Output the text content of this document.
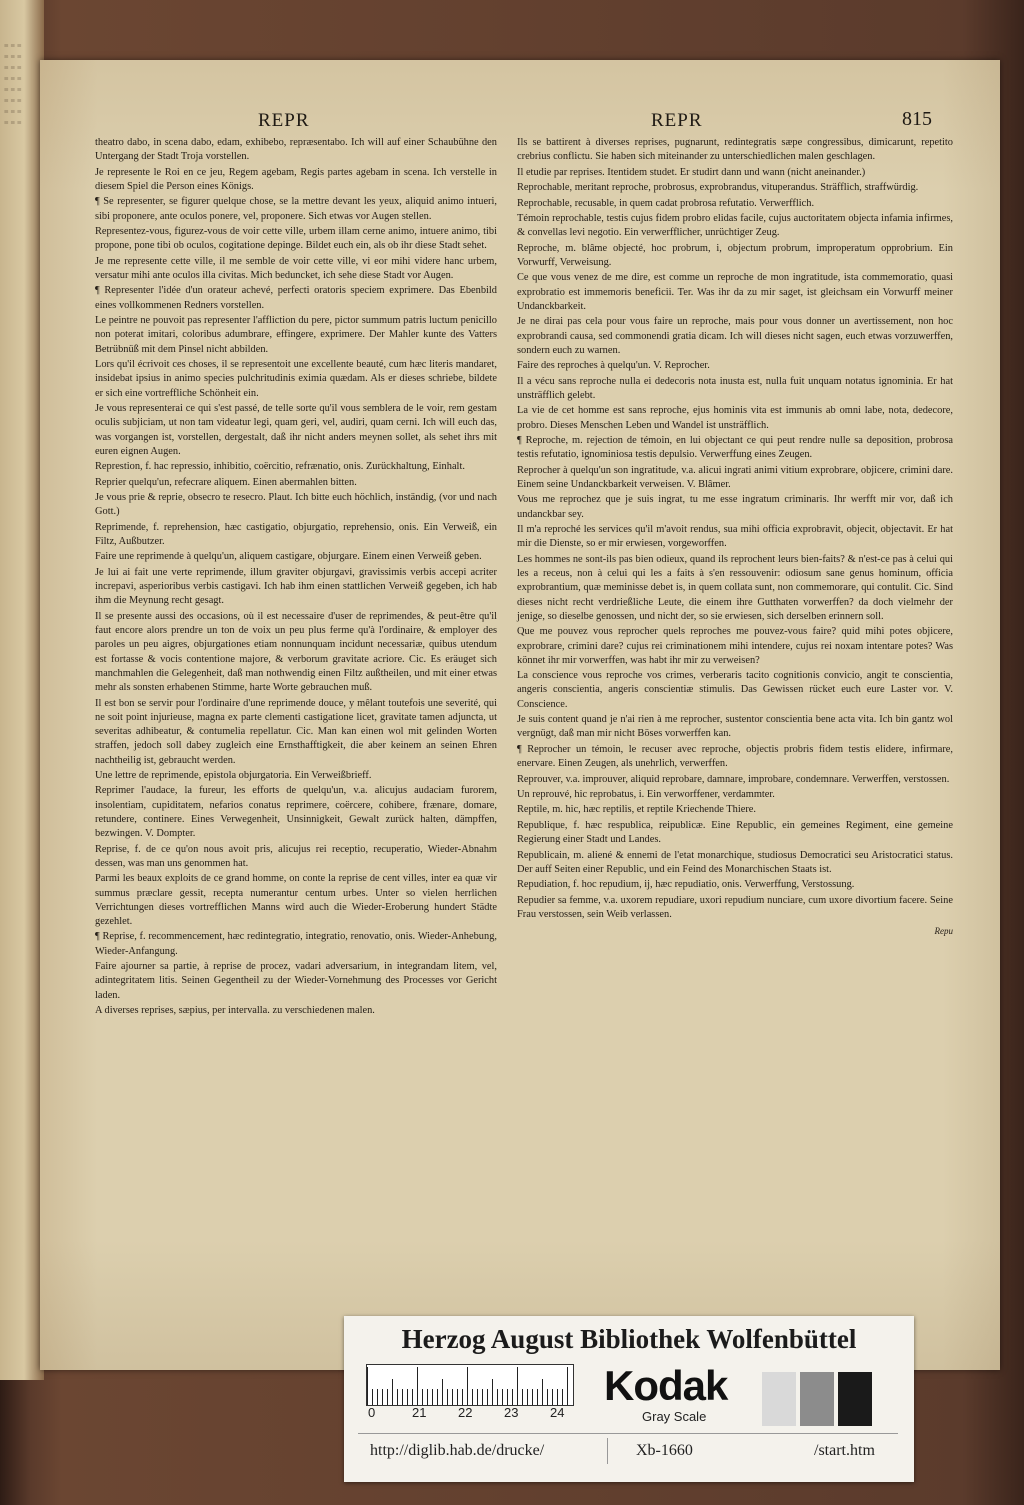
≡ ≡ ≡
≡ ≡ ≡
≡ ≡ ≡
≡ ≡ ≡
≡ ≡ ≡
≡ ≡ ≡
≡ ≡ ≡
≡ ≡ ≡	REPR	REPR	815

theatro dabo, in scena dabo, edam, exhibebo, repræsentabo. Ich will auf einer Schaubühne den Untergang der Stadt Troja vorstellen.

Je represente le Roi en ce jeu, Regem agebam, Regis partes agebam in scena. Ich verstelle in diesem Spiel die Person eines Königs.

¶ Se representer, se figurer quelque chose, se la mettre devant les yeux, aliquid animo intueri, sibi proponere, ante oculos ponere, vel, proponere. Sich etwas vor Augen stellen.

Representez-vous, figurez-vous de voir cette ville, urbem illam cerne animo, intuere animo, tibi propone, pone tibi ob oculos, cogitatione depinge. Bildet euch ein, als ob ihr diese Stadt sehet.

Je me represente cette ville, il me semble de voir cette ville, vi eor mihi videre hanc urbem, versatur mihi ante oculos illa civitas. Mich beduncket, ich sehe diese Stadt vor Augen.

¶ Representer l'idée d'un orateur achevé, perfecti oratoris speciem exprimere. Das Ebenbild eines vollkommenen Redners vorstellen.

Le peintre ne pouvoit pas representer l'affliction du pere, pictor summum patris luctum penicillo non poterat imitari, coloribus adumbrare, effingere, exprimere. Der Mahler kunte des Vatters Betrübnüß mit dem Pinsel nicht abbilden.

Lors qu'il écrivoit ces choses, il se representoit une excellente beauté, cum hæc literis mandaret, insidebat ipsius in animo species pulchritudinis eximia quædam. Als er dieses schriebe, bildete er sich eine vortreffliche Schönheit ein.

Je vous representerai ce qui s'est passé, de telle sorte qu'il vous semblera de le voir, rem gestam oculis subjiciam, ut non tam videatur legi, quam geri, vel, audiri, quam cerni. Ich will euch das, was vorgangen ist, vorstellen, dergestalt, daß ihr nicht anders meynen sollet, als sehet ihrs mit euren eignen Augen.

Represtion, f. hac repressio, inhibitio, coërcitio, refrænatio, onis. Zurückhaltung, Einhalt.

Reprier quelqu'un, refecrare aliquem. Einen abermahlen bitten.

Je vous prie & reprie, obsecro te resecro. Plaut. Ich bitte euch höchlich, inständig, (vor und nach Gott.)

Reprimende, f. reprehension, hæc castigatio, objurgatio, reprehensio, onis. Ein Verweiß, ein Filtz, Außbutzer.

Faire une reprimende à quelqu'un, aliquem castigare, objurgare. Einem einen Verweiß geben.

Je lui ai fait une verte reprimende, illum graviter objurgavi, gravissimis verbis accepi acriter increpavi, asperioribus verbis castigavi. Ich hab ihm einen stattlichen Verweiß gegeben, ich hab ihm die Meynung recht gesagt.

Il se presente aussi des occasions, où il est necessaire d'user de reprimendes, & peut-être qu'il faut encore alors prendre un ton de voix un peu plus ferme qu'à l'ordinaire, & employer des paroles un peu aigres, objurgationes etiam nonnunquam incidunt necessariæ, quibus utendum est fortasse & vocis contentione majore, & verborum gravitate acriore. Cic. Es eräuget sich manchmahlen die Gelegenheit, daß man nothwendig einen Filtz außtheilen, und mit einer etwas mehr als sonsten erhabenen Stimme, harte Worte gebrauchen muß.

Il est bon se servir pour l'ordinaire d'une reprimende douce, y mêlant toutefois une severité, qui ne soit point injurieuse, magna ex parte clementi castigatione licet, gravitate tamen adjuncta, ut severitas adhibeatur, & contumelia repellatur. Cic. Man kan einen wol mit gelinden Worten straffen, jedoch soll dabey zugleich eine Ernsthafftigkeit, die aber keinem an seinen Ehren nachtheilig ist, gebraucht werden.

Une lettre de reprimende, epistola objurgatoria. Ein Verweißbrieff.

Reprimer l'audace, la fureur, les efforts de quelqu'un, v.a. alicujus audaciam furorem, insolentiam, cupiditatem, nefarios conatus reprimere, coërcere, cohibere, frænare, domare, retundere, continere. Eines Verwegenheit, Unsinnigkeit, Gewalt zurück halten, dämpffen, bezwingen. V. Dompter.

Reprise, f. de ce qu'on nous avoit pris, alicujus rei receptio, recuperatio, Wieder-Abnahm dessen, was man uns genommen hat.

Parmi les beaux exploits de ce grand homme, on conte la reprise de cent villes, inter ea quæ vir summus præclare gessit, recepta numerantur centum urbes. Unter so vielen herrlichen Verrichtungen dieses vortrefflichen Manns wird auch die Wieder-Eroberung hundert Städte gezehlet.

¶ Reprise, f. recommencement, hæc redintegratio, integratio, renovatio, onis. Wieder-Anhebung, Wieder-Anfangung.

Faire ajourner sa partie, à reprise de procez, vadari adversarium, in integrandam litem, vel, adintegritatem litis. Seinen Gegentheil zu der Wieder-Vornehmung des Processes vor Gericht laden.

A diverses reprises, sæpius, per intervalla. zu verschiedenen malen.

Ils se battirent à diverses reprises, pugnarunt, redintegratis sæpe congressibus, dimicarunt, repetito crebrius conflictu. Sie haben sich miteinander zu unterschiedlichen malen geschlagen.

Il etudie par reprises. Itentidem studet. Er studirt dann und wann (nicht aneinander.)

Reprochable, meritant reproche, probrosus, exprobrandus, vituperandus. Sträfflich, straffwürdig.

Reprochable, recusable, in quem cadat probrosa refutatio. Verwerfflich.

Témoin reprochable, testis cujus fidem probro elidas facile, cujus auctoritatem objecta infamia infirmes, & convellas levi negotio. Ein verwerfflicher, unrüchtiger Zeug.

Reproche, m. blâme objecté, hoc probrum, i, objectum probrum, improperatum opprobrium. Ein Vorwurff, Verweisung.

Ce que vous venez de me dire, est comme un reproche de mon ingratitude, ista commemoratio, quasi exprobratio est immemoris beneficii. Ter. Was ihr da zu mir saget, ist gleichsam ein Vorwurff meiner Undanckbarkeit.

Je ne dirai pas cela pour vous faire un reproche, mais pour vous donner un avertissement, non hoc exprobrandi causa, sed commonendi gratia dicam. Ich will dieses nicht sagen, euch etwas vorzuwerffen, sondern euch zu warnen.

Faire des reproches à quelqu'un. V. Reprocher.

Il a vécu sans reproche nulla ei dedecoris nota inusta est, nulla fuit unquam notatus ignominia. Er hat unsträfflich gelebt.

La vie de cet homme est sans reproche, ejus hominis vita est immunis ab omni labe, nota, dedecore, probro. Dieses Menschen Leben und Wandel ist unsträfflich.

¶ Reproche, m. rejection de témoin, en lui objectant ce qui peut rendre nulle sa deposition, probrosa testis refutatio, ignominiosa testis depulsio. Verwerffung eines Zeugen.

Reprocher à quelqu'un son ingratitude, v.a. alicui ingrati animi vitium exprobrare, objicere, crimini dare. Einem seine Undanckbarkeit verweisen. V. Blâmer.

Vous me reprochez que je suis ingrat, tu me esse ingratum criminaris. Ihr werfft mir vor, daß ich undanckbar sey.

Il m'a reproché les services qu'il m'avoit rendus, sua mihi officia exprobravit, objecit, objectavit. Er hat mir die Dienste, so er mir erwiesen, vorgeworffen.

Les hommes ne sont-ils pas bien odieux, quand ils reprochent leurs bien-faits? & n'est-ce pas à celui qui les a receus, non à celui qui les a faits à s'en ressouvenir: odiosum sane genus hominum, officia exprobrantium, quæ meminisse debet is, in quem collata sunt, non commemorare, qui contulit. Cic. Sind dieses nicht recht verdrießliche Leute, die einem ihre Gutthaten vorwerffen? da doch vielmehr der jenige, so dieselbe genossen, und nicht der, so sie erwiesen, sich derselben erinnern soll.

Que me pouvez vous reprocher quels reproches me pouvez-vous faire? quid mihi potes objicere, exprobrare, crimini dare? cujus rei criminationem mihi intendere, cujus rei noxam intentare potes? Was könnet ihr mir vorwerffen, was habt ihr mir zu verweisen?

La conscience vous reproche vos crimes, verberaris tacito cognitionis convicio, angit te conscientia, angeris conscientia, angeris conscientiæ stimulis. Das Gewissen rücket euch eure Laster vor. V. Conscience.

Je suis content quand je n'ai rien à me reprocher, sustentor conscientia bene acta vita. Ich bin gantz wol vergnügt, daß man mir nicht Böses vorwerffen kan.

¶ Reprocher un témoin, le recuser avec reproche, objectis probris fidem testis elidere, infirmare, enervare. Einen Zeugen, als unehrlich, verwerffen.

Reprouver, v.a. improuver, aliquid reprobare, damnare, improbare, condemnare. Verwerffen, verstossen.

Un reprouvé, hic reprobatus, i. Ein verworffener, verdammter.

Reptile, m. hic, hæc reptilis, et reptile Kriechende Thiere.

Republique, f. hæc respublica, reipublicæ. Eine Republic, ein gemeines Regiment, eine gemeine Regierung einer Stadt und Landes.

Republicain, m. aliené & ennemi de l'etat monarchique, studiosus Democratici seu Aristocratici status. Der auff Seiten einer Republic, und ein Feind des Monarchischen Staats ist.

Repudiation, f. hoc repudium, ij, hæc repudiatio, onis. Verwerffung, Verstossung.

Repudier sa femme, v.a. uxorem repudiare, uxori repudium nunciare, cum uxore divortium facere. Seine Frau verstossen, sein Weib verlassen.

Repu
Herzog August Bibliothek Wolfenbüttel
0	21 22 23 24
Kodak
Gray Scale
http://diglib.hab.de/drucke/	Xb-1660	/start.htm
